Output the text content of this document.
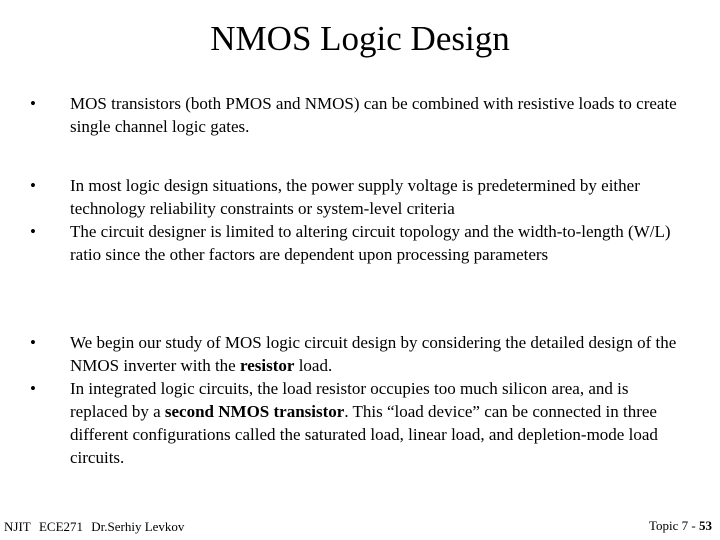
NMOS Logic Design
•	MOS transistors (both PMOS and NMOS) can be combined with resistive loads to create single channel logic gates.
•	In most logic design situations, the power supply voltage is predetermined by either technology reliability constraints or system-level criteria
•	The circuit designer is limited to altering circuit topology and the width-to-length (W/L) ratio since the other factors are dependent upon processing parameters
•	We begin our study of MOS logic circuit design by considering the detailed design of the NMOS inverter with the resistor load.
•	In integrated logic circuits, the load resistor occupies too much silicon area, and is replaced by a second NMOS transistor. This “load device” can be connected in three different configurations called the saturated load, linear load, and depletion-mode load circuits.
NJIT ECE271 Dr.Serhiy Levkov	Topic 7 - 53
